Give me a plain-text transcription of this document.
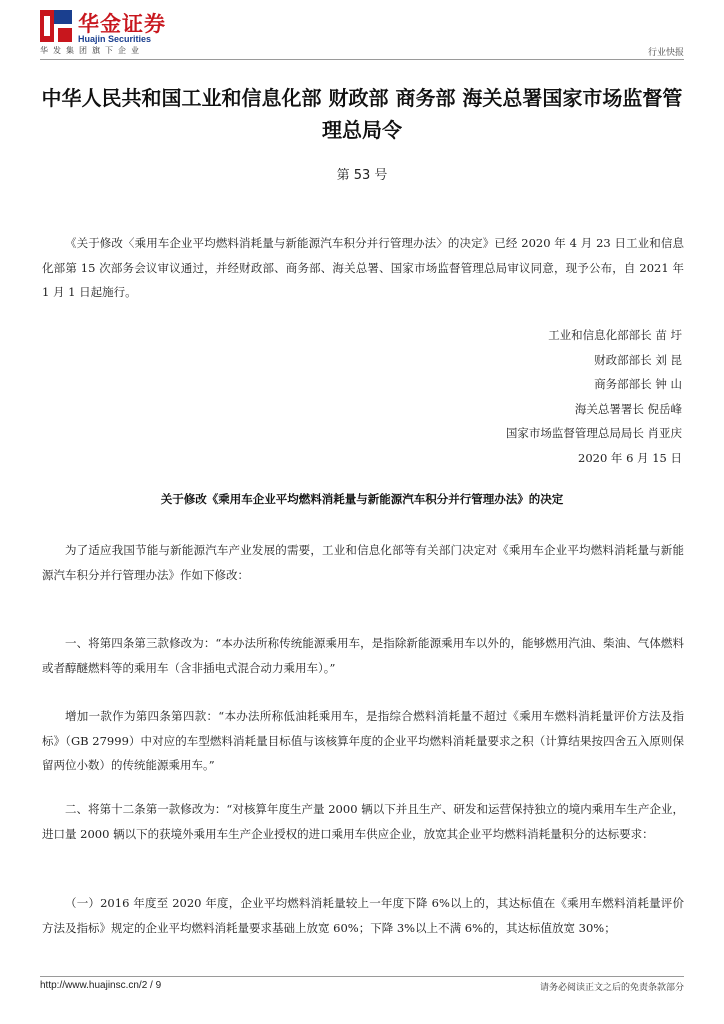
华金证券
Huajin Securities
华发集团旗下企业	行业快报
中华人民共和国工业和信息化部 财政部 商务部 海关总署国家市场监督管理总局令
第 53 号
《关于修改〈乘用车企业平均燃料消耗量与新能源汽车积分并行管理办法〉的决定》已经 2020 年 4 月 23 日工业和信息化部第 15 次部务会议审议通过，并经财政部、商务部、海关总署、国家市场监督管理总局审议同意，现予公布，自 2021 年 1 月 1 日起施行。
工业和信息化部部长 苗 圩
财政部部长 刘 昆
商务部部长 钟 山
海关总署署长 倪岳峰
国家市场监督管理总局局长 肖亚庆
2020 年 6 月 15 日
关于修改《乘用车企业平均燃料消耗量与新能源汽车积分并行管理办法》的决定
为了适应我国节能与新能源汽车产业发展的需要，工业和信息化部等有关部门决定对《乘用车企业平均燃料消耗量与新能源汽车积分并行管理办法》作如下修改：
一、将第四条第三款修改为：“本办法所称传统能源乘用车，是指除新能源乘用车以外的，能够燃用汽油、柴油、气体燃料或者醇醚燃料等的乘用车（含非插电式混合动力乘用车）。”
增加一款作为第四条第四款：“本办法所称低油耗乘用车，是指综合燃料消耗量不超过《乘用车燃料消耗量评价方法及指标》（GB 27999）中对应的车型燃料消耗量目标值与该核算年度的企业平均燃料消耗量要求之积（计算结果按四舍五入原则保留两位小数）的传统能源乘用车。”
二、将第十二条第一款修改为：“对核算年度生产量 2000 辆以下并且生产、研发和运营保持独立的境内乘用车生产企业，进口量 2000 辆以下的获境外乘用车生产企业授权的进口乘用车供应企业，放宽其企业平均燃料消耗量积分的达标要求：
（一）2016 年度至 2020 年度，企业平均燃料消耗量较上一年度下降 6%以上的，其达标值在《乘用车燃料消耗量评价方法及指标》规定的企业平均燃料消耗量要求基础上放宽 60%；下降 3%以上不满 6%的，其达标值放宽 30%；
http://www.huajinsc.cn/2 / 9	请务必阅读正文之后的免责条款部分
